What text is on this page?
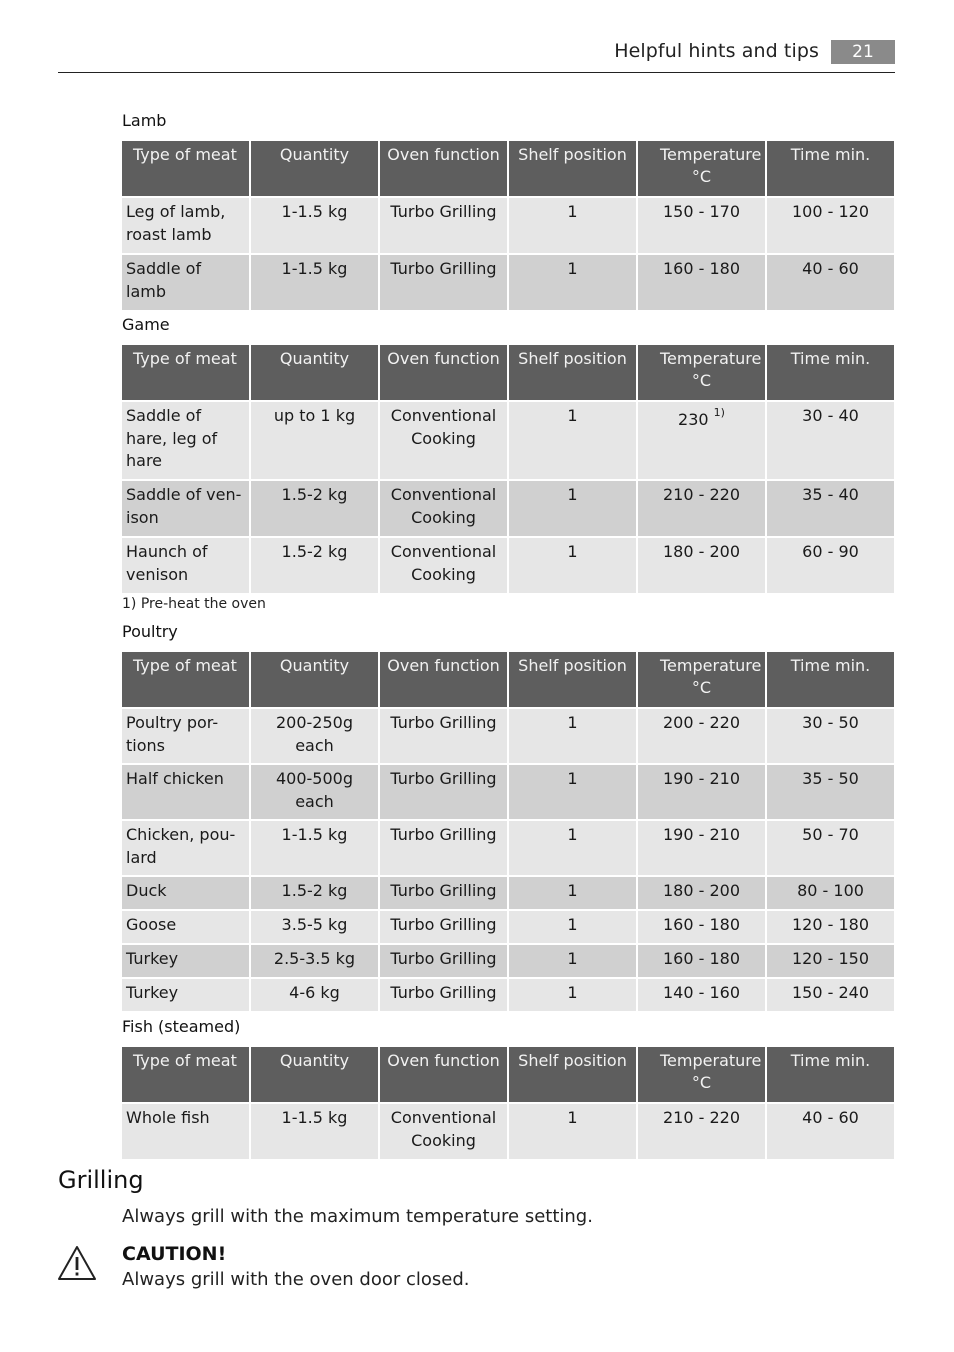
Helpful hints and tips	21
Lamb
Type of meat	Quantity	Oven function	Shelf position	Temperature °C	Time min.
Leg of lamb, roast lamb	1-1.5 kg	Turbo Grilling	1	150 - 170	100 - 120
Saddle of lamb	1-1.5 kg	Turbo Grilling	1	160 - 180	40 - 60
Game
Type of meat	Quantity	Oven function	Shelf position	Temperature °C	Time min.
Saddle of hare, leg of hare	up to 1 kg	Conventional Cooking	1	230 $^{1)}$	30 - 40
Saddle of ven-ison	1.5-2 kg	Conventional Cooking	1	210 - 220	35 - 40
Haunch of venison	1.5-2 kg	Conventional Cooking	1	180 - 200	60 - 90
1) Pre-heat the oven
Poultry
Type of meat	Quantity	Oven function	Shelf position	Temperature °C	Time min.
Poultry por-tions	200-250g each	Turbo Grilling	1	200 - 220	30 - 50
Half chicken	400-500g each	Turbo Grilling	1	190 - 210	35 - 50
Chicken, pou-lard	1-1.5 kg	Turbo Grilling	1	190 - 210	50 - 70
Duck	1.5-2 kg	Turbo Grilling	1	180 - 200	80 - 100
Goose	3.5-5 kg	Turbo Grilling	1	160 - 180	120 - 180
Turkey	2.5-3.5 kg	Turbo Grilling	1	160 - 180	120 - 150
Turkey	4-6 kg	Turbo Grilling	1	140 - 160	150 - 240
Fish (steamed)
Type of meat	Quantity	Oven function	Shelf position	Temperature °C	Time min.
Whole fish	1-1.5 kg	Conventional Cooking	1	210 - 220	40 - 60
Grilling
Always grill with the maximum temperature setting.
CAUTION!
Always grill with the oven door closed.
